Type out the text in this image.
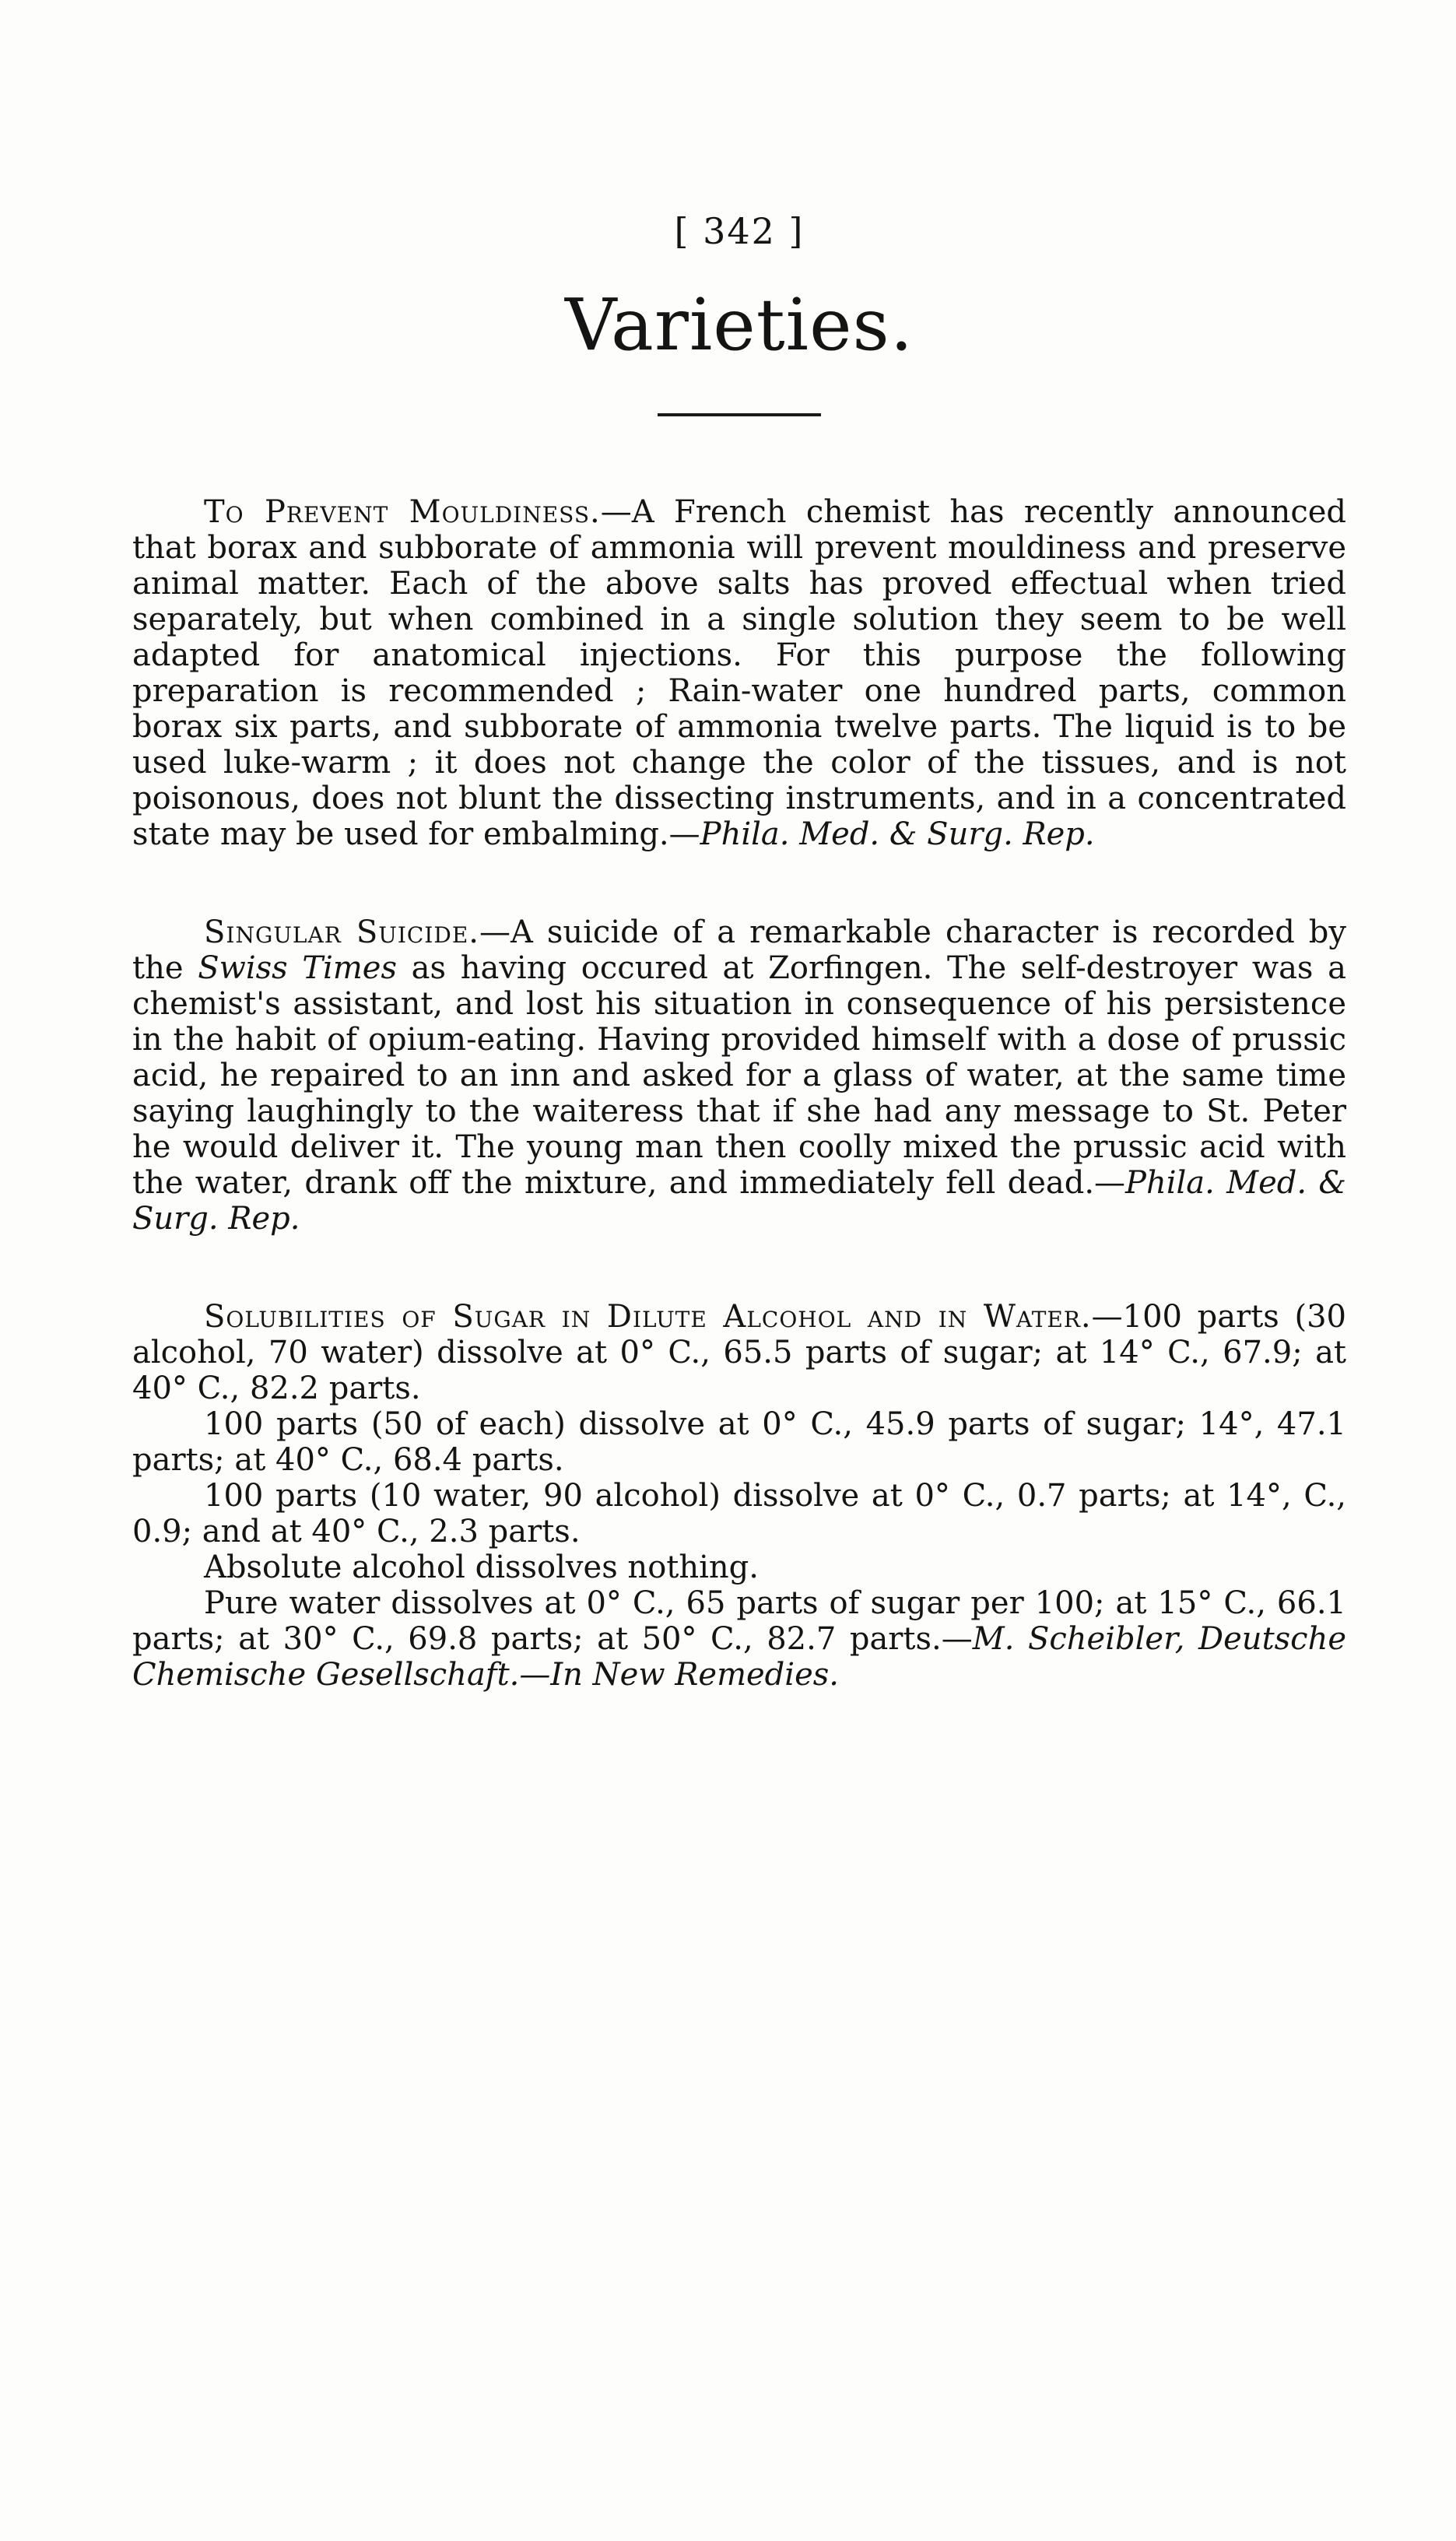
[ 342 ]

Varieties.

To Prevent Mouldiness.—A French chemist has recently announced that borax and subborate of ammonia will prevent mouldiness and preserve animal matter. Each of the above salts has proved effectual when tried separately, but when combined in a single solution they seem to be well adapted for anatomical injections. For this purpose the following preparation is recommended ; Rain-water one hundred parts, common borax six parts, and subborate of ammonia twelve parts. The liquid is to be used luke-warm ; it does not change the color of the tissues, and is not poisonous, does not blunt the dissecting instruments, and in a concentrated state may be used for embalming.—Phila. Med. & Surg. Rep.

Singular Suicide.—A suicide of a remarkable character is recorded by the Swiss Times as having occured at Zorfingen. The self-destroyer was a chemist's assistant, and lost his situation in consequence of his persistence in the habit of opium-eating. Having provided himself with a dose of prussic acid, he repaired to an inn and asked for a glass of water, at the same time saying laughingly to the waiteress that if she had any message to St. Peter he would deliver it. The young man then coolly mixed the prussic acid with the water, drank off the mixture, and immediately fell dead.—Phila. Med. & Surg. Rep.

Solubilities of Sugar in Dilute Alcohol and in Water.—100 parts (30 alcohol, 70 water) dissolve at 0° C., 65.5 parts of sugar; at 14° C., 67.9; at 40° C., 82.2 parts.

100 parts (50 of each) dissolve at 0° C., 45.9 parts of sugar; 14°, 47.1 parts; at 40° C., 68.4 parts.

100 parts (10 water, 90 alcohol) dissolve at 0° C., 0.7 parts; at 14°, C., 0.9; and at 40° C., 2.3 parts.

Absolute alcohol dissolves nothing.

Pure water dissolves at 0° C., 65 parts of sugar per 100; at 15° C., 66.1 parts; at 30° C., 69.8 parts; at 50° C., 82.7 parts.—M. Scheibler, Deutsche Chemische Gesellschaft.—In New Remedies.
